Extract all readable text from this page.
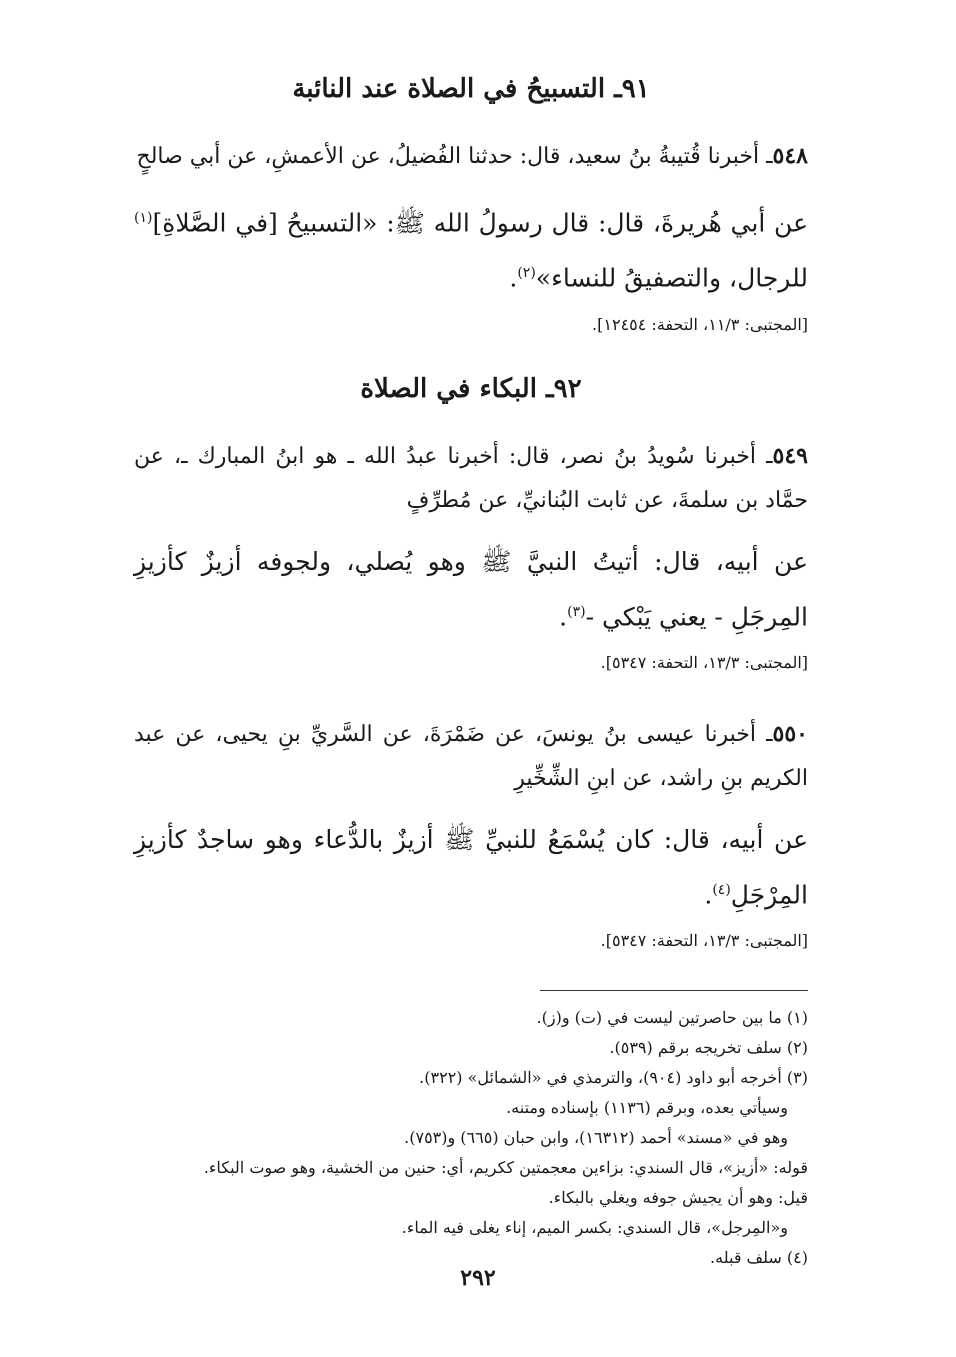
٩١ـ التسبيحُ في الصلاة عند النائبة
٥٤٨ـ أخبرنا قُتيبةُ بنُ سعيد، قال: حدثنا الفُضيلُ، عن الأعمشِ، عن أبي صالحٍ
عن أبي هُريرةَ، قال: قال رسولُ الله ﷺ: «التسبيحُ [في الصَّلاةِ]$^{(١)}$ للرجال، والتصفيقُ للنساء»$^{(٢)}$.
[المجتبى: ١١/٣، التحفة: ١٢٤٥٤].
٩٢ـ البكاء في الصلاة
٥٤٩ـ أخبرنا سُويدُ بنُ نصر، قال: أخبرنا عبدُ الله ـ هو ابنُ المبارك ـ، عن حمَّاد بن سلمةَ، عن ثابت البُنانيِّ، عن مُطرِّفٍ
عن أبيه، قال: أتيتُ النبيَّ ﷺ وهو يُصلي، ولجوفه أزيزٌ كأزيزِ المِرجَلِ - يعني يَبْكي -$^{(٣)}$.
[المجتبى: ١٣/٣، التحفة: ٥٣٤٧].
٥٥٠ـ أخبرنا عيسى بنُ يونسَ، عن ضَمْرَةَ، عن السَّريِّ بنِ يحيى، عن عبد الكريم بنِ راشد، عن ابنِ الشِّخِّيرِ
عن أبيه، قال: كان يُسْمَعُ للنبيِّ ﷺ أزيزٌ بالدُّعاء وهو ساجدٌ كأزيزِ المِرْجَلِ$^{(٤)}$.
[المجتبى: ١٣/٣، التحفة: ٥٣٤٧].
(١) ما بين حاصرتين ليست في (ت) و(ز).
(٢) سلف تخريجه برقم (٥٣٩).
(٣) أخرجه أبو داود (٩٠٤)، والترمذي في «الشمائل» (٣٢٢).
وسيأتي بعده، وبرقم (١١٣٦) بإسناده ومتنه.
وهو في «مسند» أحمد (١٦٣١٢)، وابن حبان (٦٦٥) و(٧٥٣).
قوله: «أزيز»، قال السندي: بزاءين معجمتين ككريم، أي: حنين من الخشية، وهو صوت البكاء.
قيل: وهو أن يجيش جوفه ويغلي بالبكاء.
و«المِرجل»، قال السندي: بكسر الميم، إناء يغلى فيه الماء.
(٤) سلف قبله.
٢٩٢
